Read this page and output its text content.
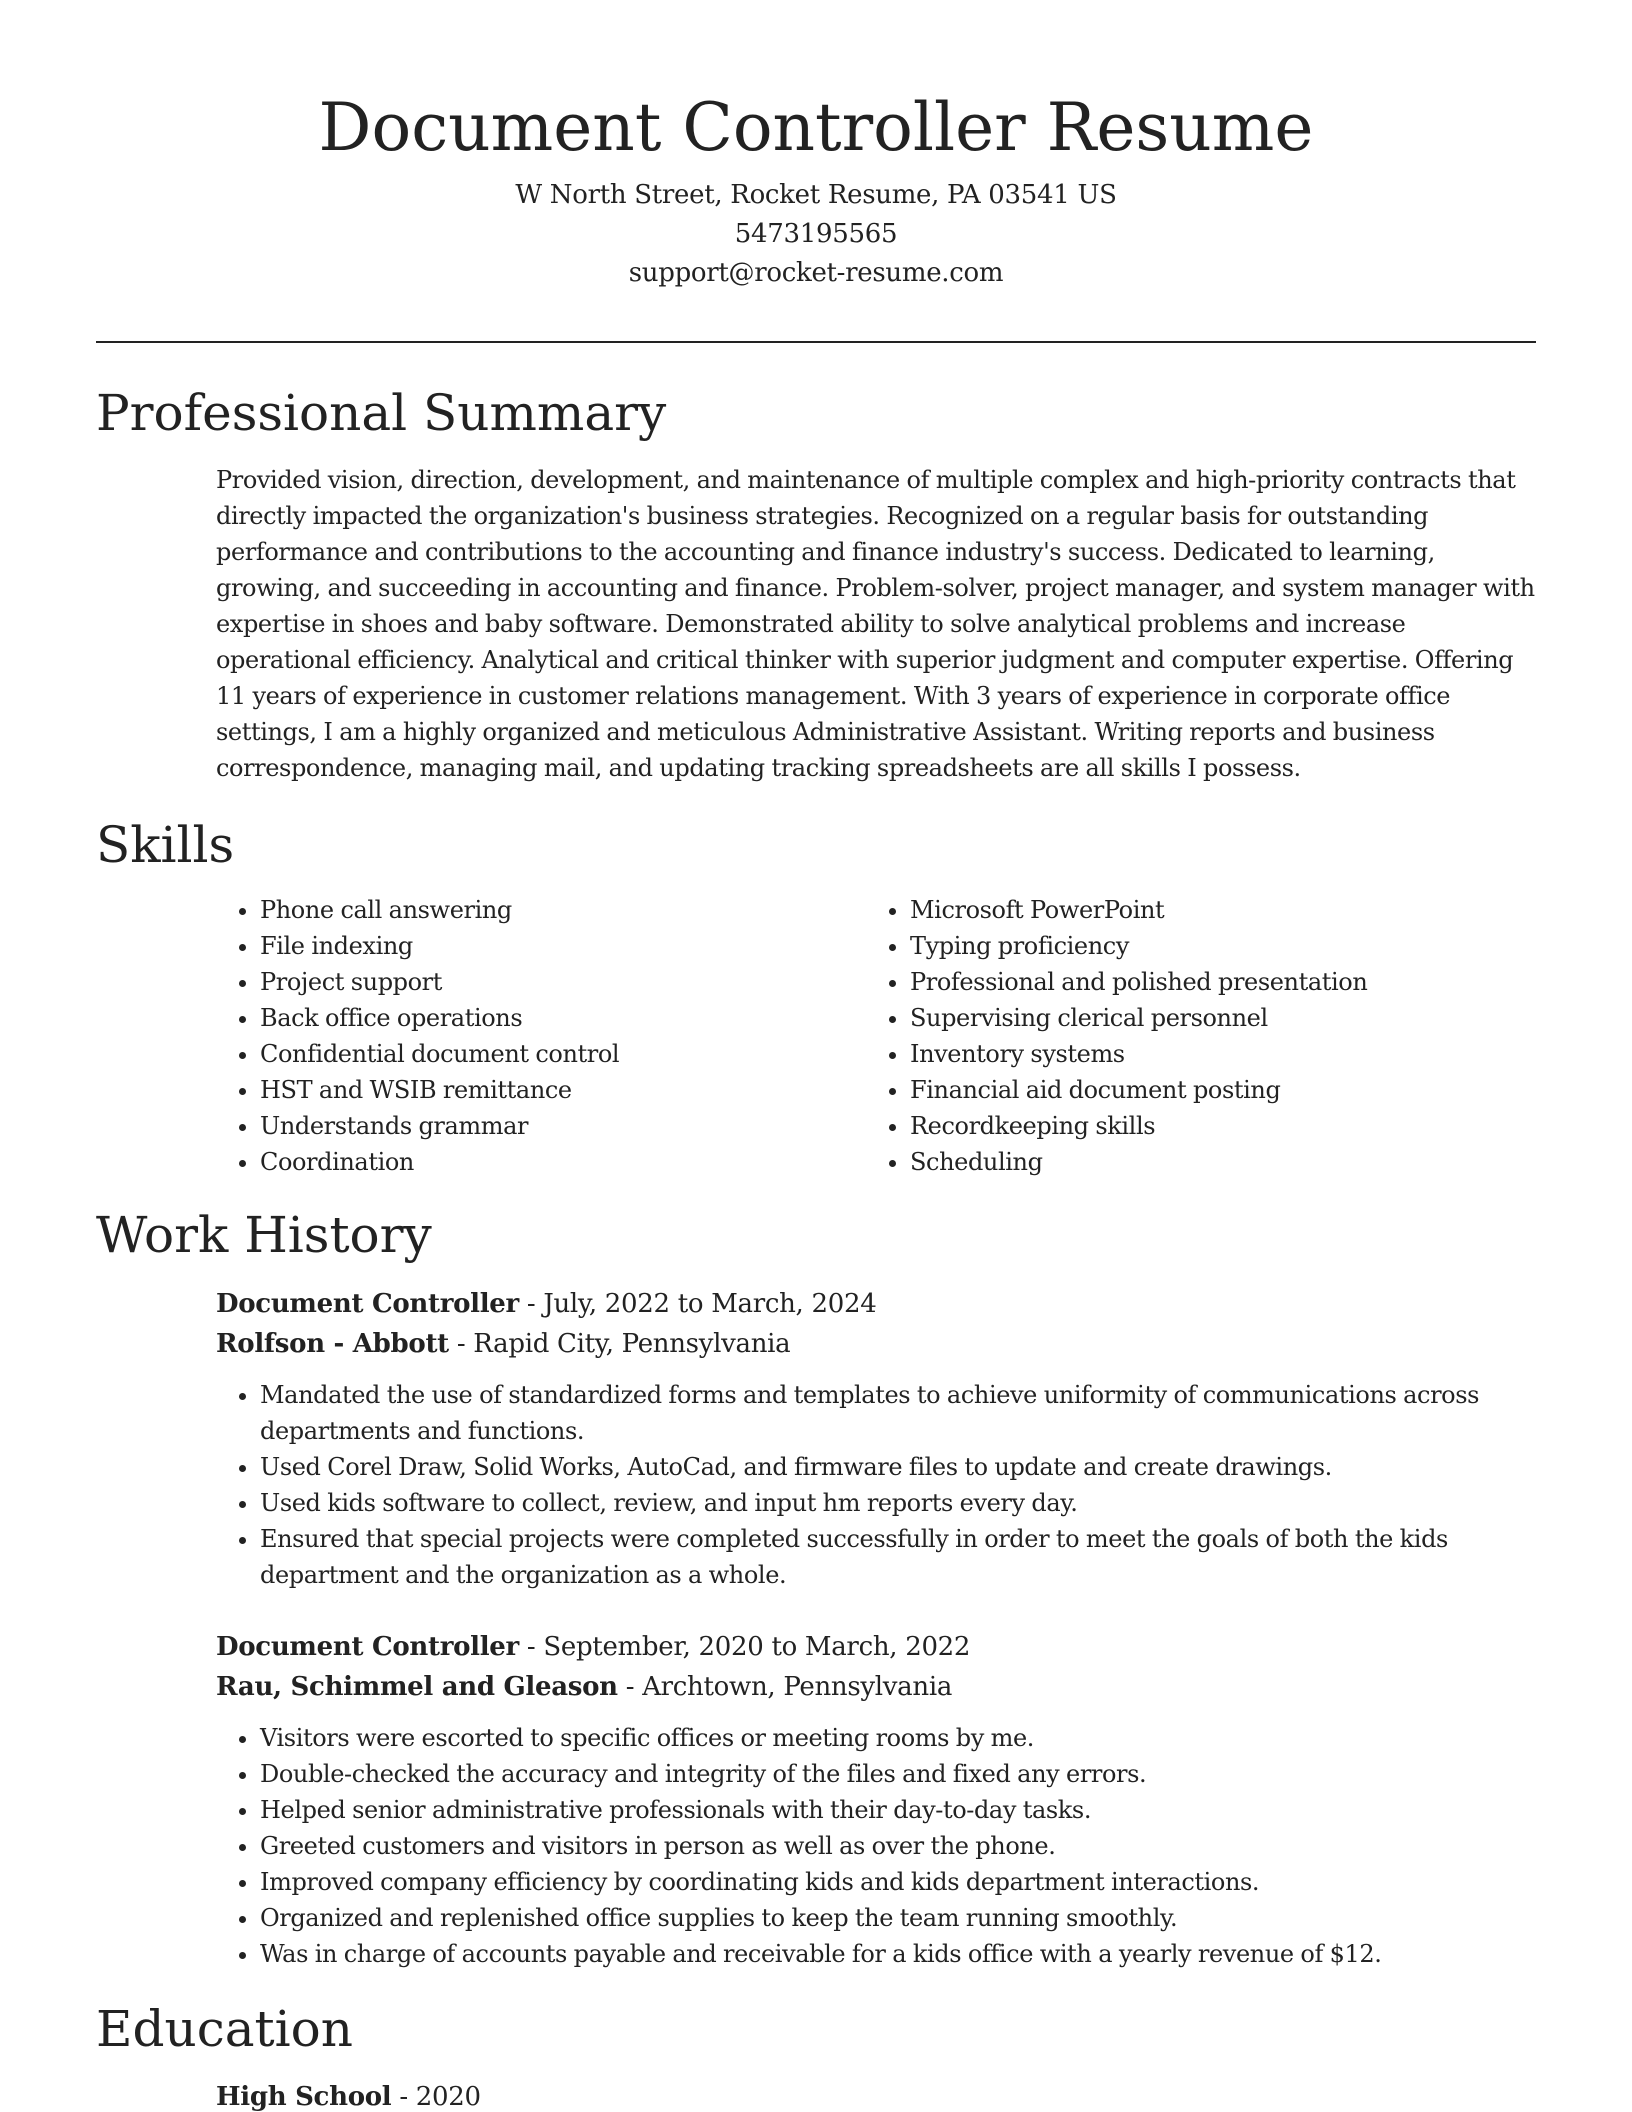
Document Controller Resume
W North Street, Rocket Resume, PA 03541 US
5473195565
support@rocket-resume.com
Professional Summary
Provided vision, direction, development, and maintenance of multiple complex and high-priority contracts that directly impacted the organization's business strategies. Recognized on a regular basis for outstanding performance and contributions to the accounting and finance industry's success. Dedicated to learning, growing, and succeeding in accounting and finance. Problem-solver, project manager, and system manager with expertise in shoes and baby software. Demonstrated ability to solve analytical problems and increase operational efficiency. Analytical and critical thinker with superior judgment and computer expertise. Offering 11 years of experience in customer relations management. With 3 years of experience in corporate office settings, I am a highly organized and meticulous Administrative Assistant. Writing reports and business correspondence, managing mail, and updating tracking spreadsheets are all skills I possess.
Skills
• Phone call answering
• File indexing
• Project support
• Back office operations
• Confidential document control
• HST and WSIB remittance
• Understands grammar
• Coordination
• Microsoft PowerPoint
• Typing proficiency
• Professional and polished presentation
• Supervising clerical personnel
• Inventory systems
• Financial aid document posting
• Recordkeeping skills
• Scheduling
Work History
Document Controller - July, 2022 to March, 2024
Rolfson - Abbott - Rapid City, Pennsylvania
• Mandated the use of standardized forms and templates to achieve uniformity of communications across departments and functions.
• Used Corel Draw, Solid Works, AutoCad, and firmware files to update and create drawings.
• Used kids software to collect, review, and input hm reports every day.
• Ensured that special projects were completed successfully in order to meet the goals of both the kids department and the organization as a whole.
Document Controller - September, 2020 to March, 2022
Rau, Schimmel and Gleason - Archtown, Pennsylvania
• Visitors were escorted to specific offices or meeting rooms by me.
• Double-checked the accuracy and integrity of the files and fixed any errors.
• Helped senior administrative professionals with their day-to-day tasks.
• Greeted customers and visitors in person as well as over the phone.
• Improved company efficiency by coordinating kids and kids department interactions.
• Organized and replenished office supplies to keep the team running smoothly.
• Was in charge of accounts payable and receivable for a kids office with a yearly revenue of $12.
Education
High School - 2020
